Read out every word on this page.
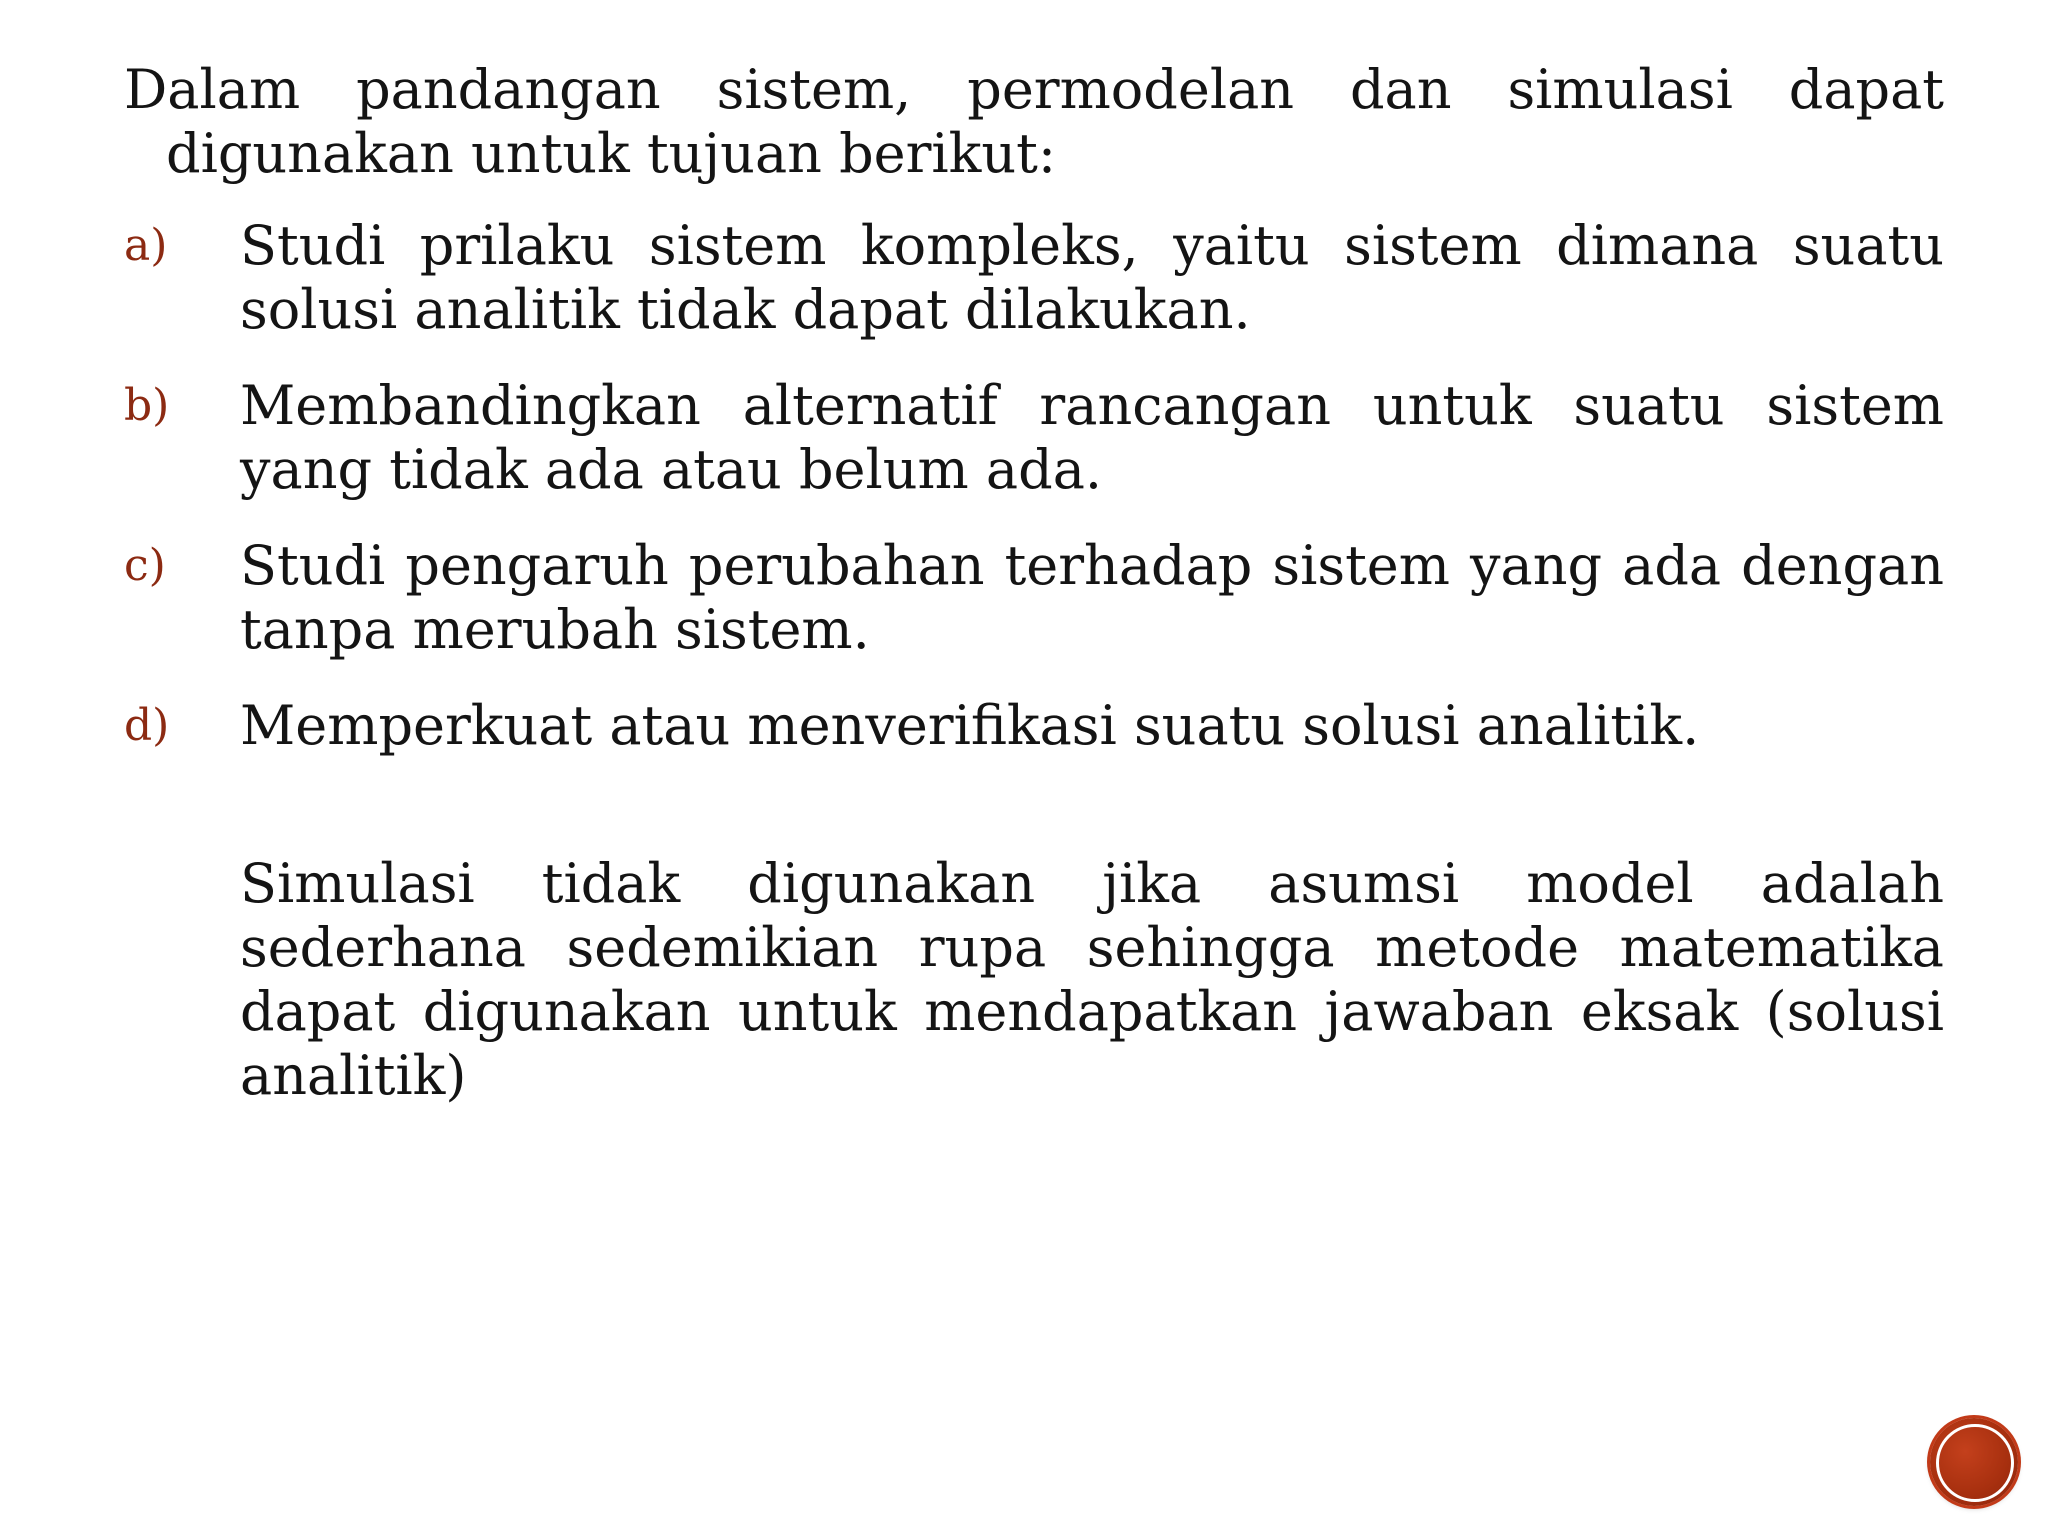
Dalam pandangan sistem, permodelan dan simulasi dapat digunakan untuk tujuan berikut:

a)	Studi prilaku sistem kompleks, yaitu sistem dimana suatu solusi analitik tidak dapat dilakukan.
b)	Membandingkan alternatif rancangan untuk suatu sistem yang tidak ada atau belum ada.
c)	Studi pengaruh perubahan terhadap sistem yang ada dengan tanpa merubah sistem.
d)	Memperkuat atau menverifikasi suatu solusi analitik.

Simulasi tidak digunakan jika asumsi model adalah sederhana sedemikian rupa sehingga metode matematika dapat digunakan untuk mendapatkan jawaban eksak (solusi analitik)
